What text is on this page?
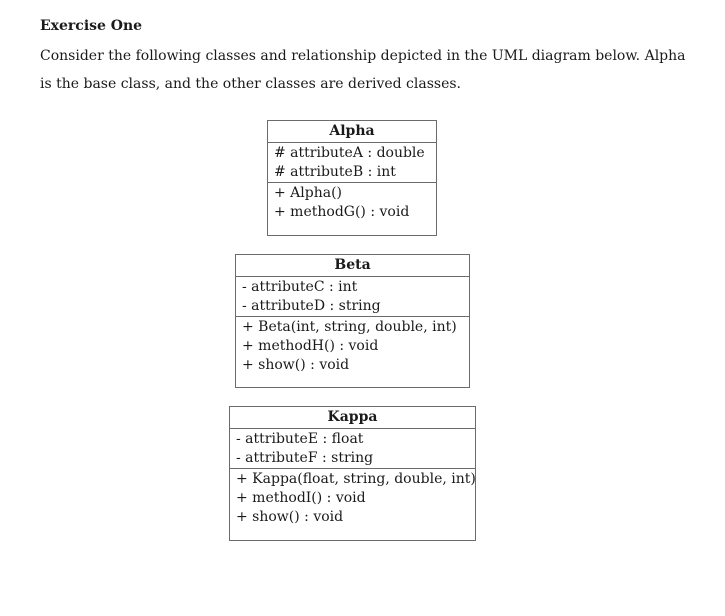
Exercise One
Consider the following classes and relationship depicted in the UML diagram below. Alpha
is the base class, and the other classes are derived classes.
Alpha
# attributeA : double
# attributeB : int
+ Alpha()
+ methodG() : void
Beta
- attributeC : int
- attributeD : string
+ Beta(int, string, double, int)
+ methodH() : void
+ show() : void
Kappa
- attributeE : float
- attributeF : string
+ Kappa(float, string, double, int)
+ methodI() : void
+ show() : void
